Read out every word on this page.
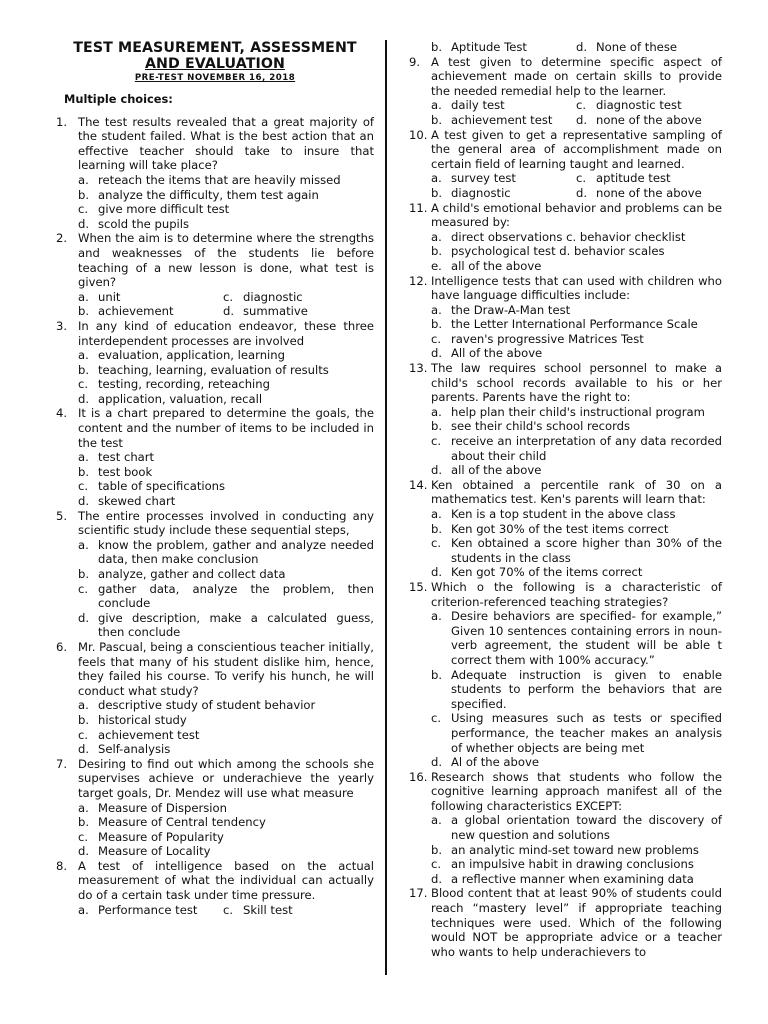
TEST MEASUREMENT, ASSESSMENT
AND EVALUATION
PRE-TEST NOVEMBER 16, 2018
Multiple choices:
1. The test results revealed that a great majority of the student failed. What is the best action that an effective teacher should take to insure that learning will take place?
a. reteach the items that are heavily missed
b. analyze the difficulty, them test again
c. give more difficult test
d. scold the pupils
2. When the aim is to determine where the strengths and weaknesses of the students lie before teaching of a new lesson is done, what test is given?
a. unit	c. diagnostic
b. achievement	d. summative
3. In any kind of education endeavor, these three interdependent processes are involved
a. evaluation, application, learning
b. teaching, learning, evaluation of results
c. testing, recording, reteaching
d. application, valuation, recall
4. It is a chart prepared to determine the goals, the content and the number of items to be included in the test
a. test chart
b. test book
c. table of specifications
d. skewed chart
5. The entire processes involved in conducting any scientific study include these sequential steps,
a. know the problem, gather and analyze needed data, then make conclusion
b. analyze, gather and collect data
c. gather data, analyze the problem, then conclude
d. give description, make a calculated guess, then conclude
6. Mr. Pascual, being a conscientious teacher initially, feels that many of his student dislike him, hence, they failed his course. To verify his hunch, he will conduct what study?
a. descriptive study of student behavior
b. historical study
c. achievement test
d. Self-analysis
7. Desiring to find out which among the schools she supervises achieve or underachieve the yearly target goals, Dr. Mendez will use what measure
a. Measure of Dispersion
b. Measure of Central tendency
c. Measure of Popularity
d. Measure of Locality
8. A test of intelligence based on the actual measurement of what the individual can actually do of a certain task under time pressure.
a. Performance test	c. Skill test
b. Aptitude Test	d. None of these
9. A test given to determine specific aspect of achievement made on certain skills to provide the needed remedial help to the learner.
a. daily test	c. diagnostic test
b. achievement test	d. none of the above
10. A test given to get a representative sampling of the general area of accomplishment made on certain field of learning taught and learned.
a. survey test	c. aptitude test
b. diagnostic	d. none of the above
11. A child's emotional behavior and problems can be measured by:
a. direct observations c. behavior checklist
b. psychological test d. behavior scales
e. all of the above
12. Intelligence tests that can used with children who have language difficulties include:
a. the Draw-A-Man test
b. the Letter International Performance Scale
c. raven's progressive Matrices Test
d. All of the above
13. The law requires school personnel to make a child's school records available to his or her parents. Parents have the right to:
a. help plan their child's instructional program
b. see their child's school records
c. receive an interpretation of any data recorded about their child
d. all of the above
14. Ken obtained a percentile rank of 30 on a mathematics test. Ken's parents will learn that:
a. Ken is a top student in the above class
b. Ken got 30% of the test items correct
c. Ken obtained a score higher than 30% of the students in the class
d. Ken got 70% of the items correct
15. Which o the following is a characteristic of criterion-referenced teaching strategies?
a. Desire behaviors are specified- for example,” Given 10 sentences containing errors in noun-verb agreement, the student will be able t correct them with 100% accuracy.”
b. Adequate instruction is given to enable students to perform the behaviors that are specified.
c. Using measures such as tests or specified performance, the teacher makes an analysis of whether objects are being met
d. Al of the above
16. Research shows that students who follow the cognitive learning approach manifest all of the following characteristics EXCEPT:
a. a global orientation toward the discovery of new question and solutions
b. an analytic mind-set toward new problems
c. an impulsive habit in drawing conclusions
d. a reflective manner when examining data
17. Blood content that at least 90% of students could reach “mastery level” if appropriate teaching techniques were used. Which of the following would NOT be appropriate advice or a teacher who wants to help underachievers to
